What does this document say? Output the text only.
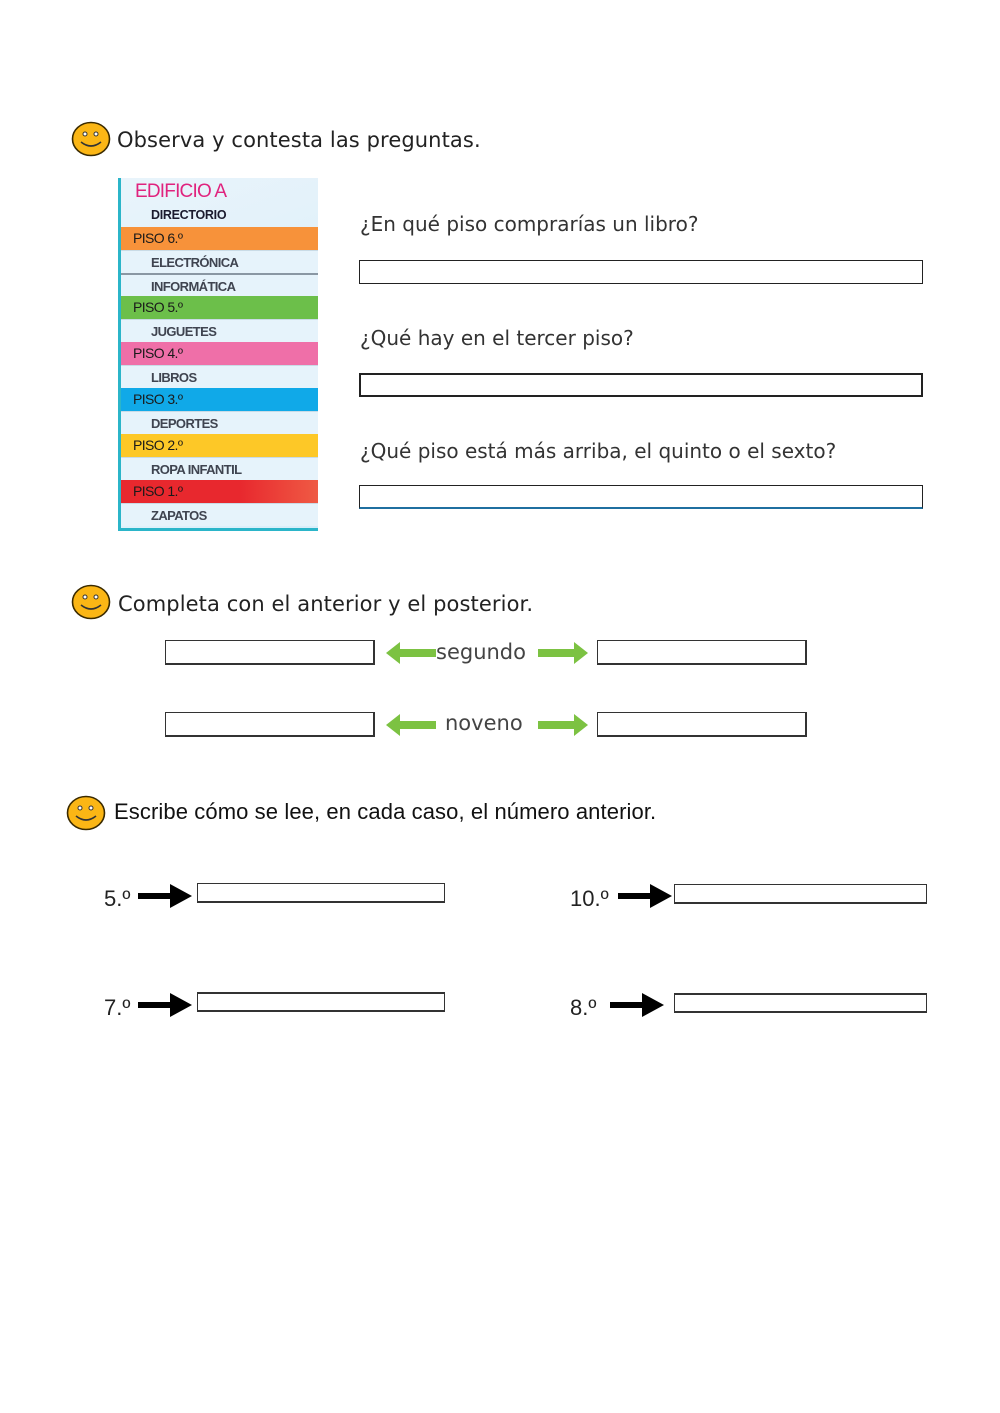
Observa y contesta las preguntas.
EDIFICIO A
DIRECTORIO
PISO 6.º
ELECTRÓNICA
INFORMÁTICA
PISO 5.º
JUGUETES
PISO 4.º
LIBROS
PISO 3.º
DEPORTES
PISO 2.º
ROPA INFANTIL
PISO 1.º
ZAPATOS
¿En qué piso comprarías un libro?
¿Qué hay en el tercer piso?
¿Qué piso está más arriba, el quinto o el sexto?
Completa con el anterior y el posterior.
segundo
noveno
Escribe cómo se lee, en cada caso, el número anterior.
5.º	10.º
7.º	8.º
